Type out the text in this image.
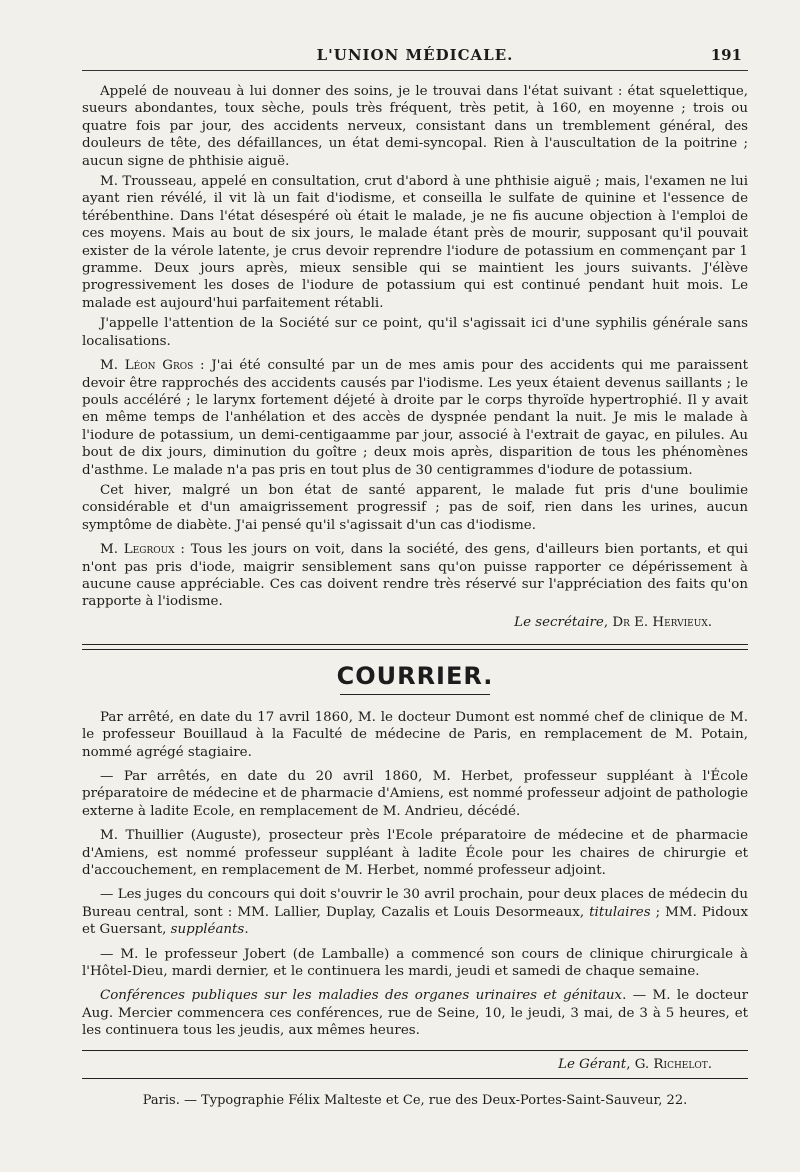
L'UNION MÉDICALE.	191

Appelé de nouveau à lui donner des soins, je le trouvai dans l'état suivant : état squelettique, sueurs abondantes, toux sèche, pouls très fréquent, très petit, à 160, en moyenne ; trois ou quatre fois par jour, des accidents nerveux, consistant dans un tremblement général, des douleurs de tête, des défaillances, un état demi-syncopal. Rien à l'auscultation de la poitrine ; aucun signe de phthisie aiguë.

M. Trousseau, appelé en consultation, crut d'abord à une phthisie aiguë ; mais, l'examen ne lui ayant rien révélé, il vit là un fait d'iodisme, et conseilla le sulfate de quinine et l'essence de térébenthine. Dans l'état désespéré où était le malade, je ne fis aucune objection à l'emploi de ces moyens. Mais au bout de six jours, le malade étant près de mourir, supposant qu'il pouvait exister de la vérole latente, je crus devoir reprendre l'iodure de potassium en commençant par 1 gramme. Deux jours après, mieux sensible qui se maintient les jours suivants. J'élève progressivement les doses de l'iodure de potassium qui est continué pendant huit mois. Le malade est aujourd'hui parfaitement rétabli.

J'appelle l'attention de la Société sur ce point, qu'il s'agissait ici d'une syphilis générale sans localisations.

M. Léon Gros : J'ai été consulté par un de mes amis pour des accidents qui me paraissent devoir être rapprochés des accidents causés par l'iodisme. Les yeux étaient devenus saillants ; le pouls accéléré ; le larynx fortement déjeté à droite par le corps thyroïde hypertrophié. Il y avait en même temps de l'anhélation et des accès de dyspnée pendant la nuit. Je mis le malade à l'iodure de potassium, un demi-centigaamme par jour, associé à l'extrait de gayac, en pilules. Au bout de dix jours, diminution du goître ; deux mois après, disparition de tous les phénomènes d'asthme. Le malade n'a pas pris en tout plus de 30 centigrammes d'iodure de potassium.

Cet hiver, malgré un bon état de santé apparent, le malade fut pris d'une boulimie considérable et d'un amaigrissement progressif ; pas de soif, rien dans les urines, aucun symptôme de diabète. J'ai pensé qu'il s'agissait d'un cas d'iodisme.

M. Legroux : Tous les jours on voit, dans la société, des gens, d'ailleurs bien portants, et qui n'ont pas pris d'iode, maigrir sensiblement sans qu'on puisse rapporter ce dépérissement à aucune cause appréciable. Ces cas doivent rendre très réservé sur l'appréciation des faits qu'on rapporte à l'iodisme.

Le secrétaire, Dr E. Hervieux.
COURRIER.

Par arrêté, en date du 17 avril 1860, M. le docteur Dumont est nommé chef de clinique de M. le professeur Bouillaud à la Faculté de médecine de Paris, en remplacement de M. Potain, nommé agrégé stagiaire.

— Par arrêtés, en date du 20 avril 1860, M. Herbet, professeur suppléant à l'École préparatoire de médecine et de pharmacie d'Amiens, est nommé professeur adjoint de pathologie externe à ladite Ecole, en remplacement de M. Andrieu, décédé.

M. Thuillier (Auguste), prosecteur près l'Ecole préparatoire de médecine et de pharmacie d'Amiens, est nommé professeur suppléant à ladite École pour les chaires de chirurgie et d'accouchement, en remplacement de M. Herbet, nommé professeur adjoint.

— Les juges du concours qui doit s'ouvrir le 30 avril prochain, pour deux places de médecin du Bureau central, sont : MM. Lallier, Duplay, Cazalis et Louis Desormeaux, titulaires ; MM. Pidoux et Guersant, suppléants.

— M. le professeur Jobert (de Lamballe) a commencé son cours de clinique chirurgicale à l'Hôtel-Dieu, mardi dernier, et le continuera les mardi, jeudi et samedi de chaque semaine.

Conférences publiques sur les maladies des organes urinaires et génitaux. — M. le docteur Aug. Mercier commencera ces conférences, rue de Seine, 10, le jeudi, 3 mai, de 3 à 5 heures, et les continuera tous les jeudis, aux mêmes heures.

Le Gérant, G. Richelot.
Paris. — Typographie Félix Malteste et Ce, rue des Deux-Portes-Saint-Sauveur, 22.
